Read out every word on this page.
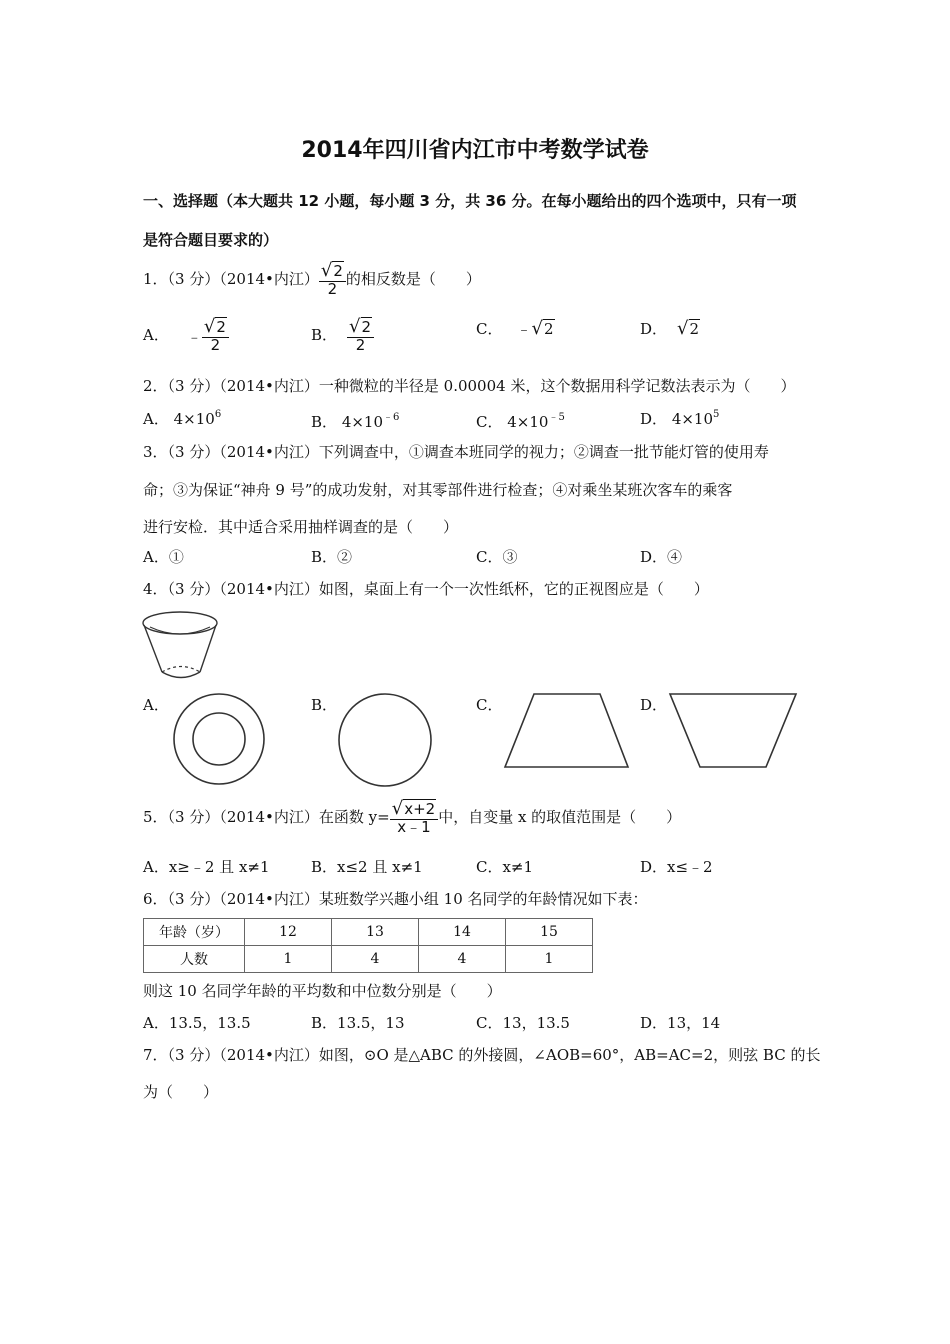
2014年四川省内江市中考数学试卷
一、选择题（本大题共 12 小题，每小题 3 分，共 36 分。在每小题给出的四个选项中，只有一项
是符合题目要求的）
1．（3 分）（2014•内江） $\frac{√2}{2}$ 的相反数是（　　）
A． ﹣ $\frac{√2}{2}$	B． $\frac{√2}{2}$	C． ﹣√2	D． √2
2．（3 分）（2014•内江）一种微粒的半径是 0.00004 米，这个数据用科学记数法表示为（　　）
A． $4\times 10^6$	B． $4\times 10^{﹣6}$	C． $4\times 10^{﹣5}$	D． $4\times 10^5$
3．（3 分）（2014•内江）下列调查中，①调查本班同学的视力；②调查一批节能灯管的使用寿
命；③为保证“神舟 9 号”的成功发射，对其零部件进行检查；④对乘坐某班次客车的乘客
进行安检．其中适合采用抽样调查的是（　　）
A．①	B．②	C．③	D．④
4．（3 分）（2014•内江）如图，桌面上有一个一次性纸杯，它的正视图应是（　　）
A．	B．	C．	D．
5．（3 分）（2014•内江）在函数 $y= \frac{√x+2}{x﹣1}$ 中，自变量 x 的取值范围是（　　）
A．x≥﹣2 且 x≠1	B．x≤2 且 x≠1	C．x≠1	D．x≤﹣2
6．（3 分）（2014•内江）某班数学兴趣小组 10 名同学的年龄情况如下表：
年龄（岁）	12	13	14	15
人数	1	4	4	1
则这 10 名同学年龄的平均数和中位数分别是（　　）
A．13.5，13.5	B．13.5，13	C．13，13.5	D．13，14
7．（3 分）（2014•内江）如图，⊙O 是△ABC 的外接圆，∠AOB=60°，AB=AC=2，则弦 BC 的长
为（　　）
